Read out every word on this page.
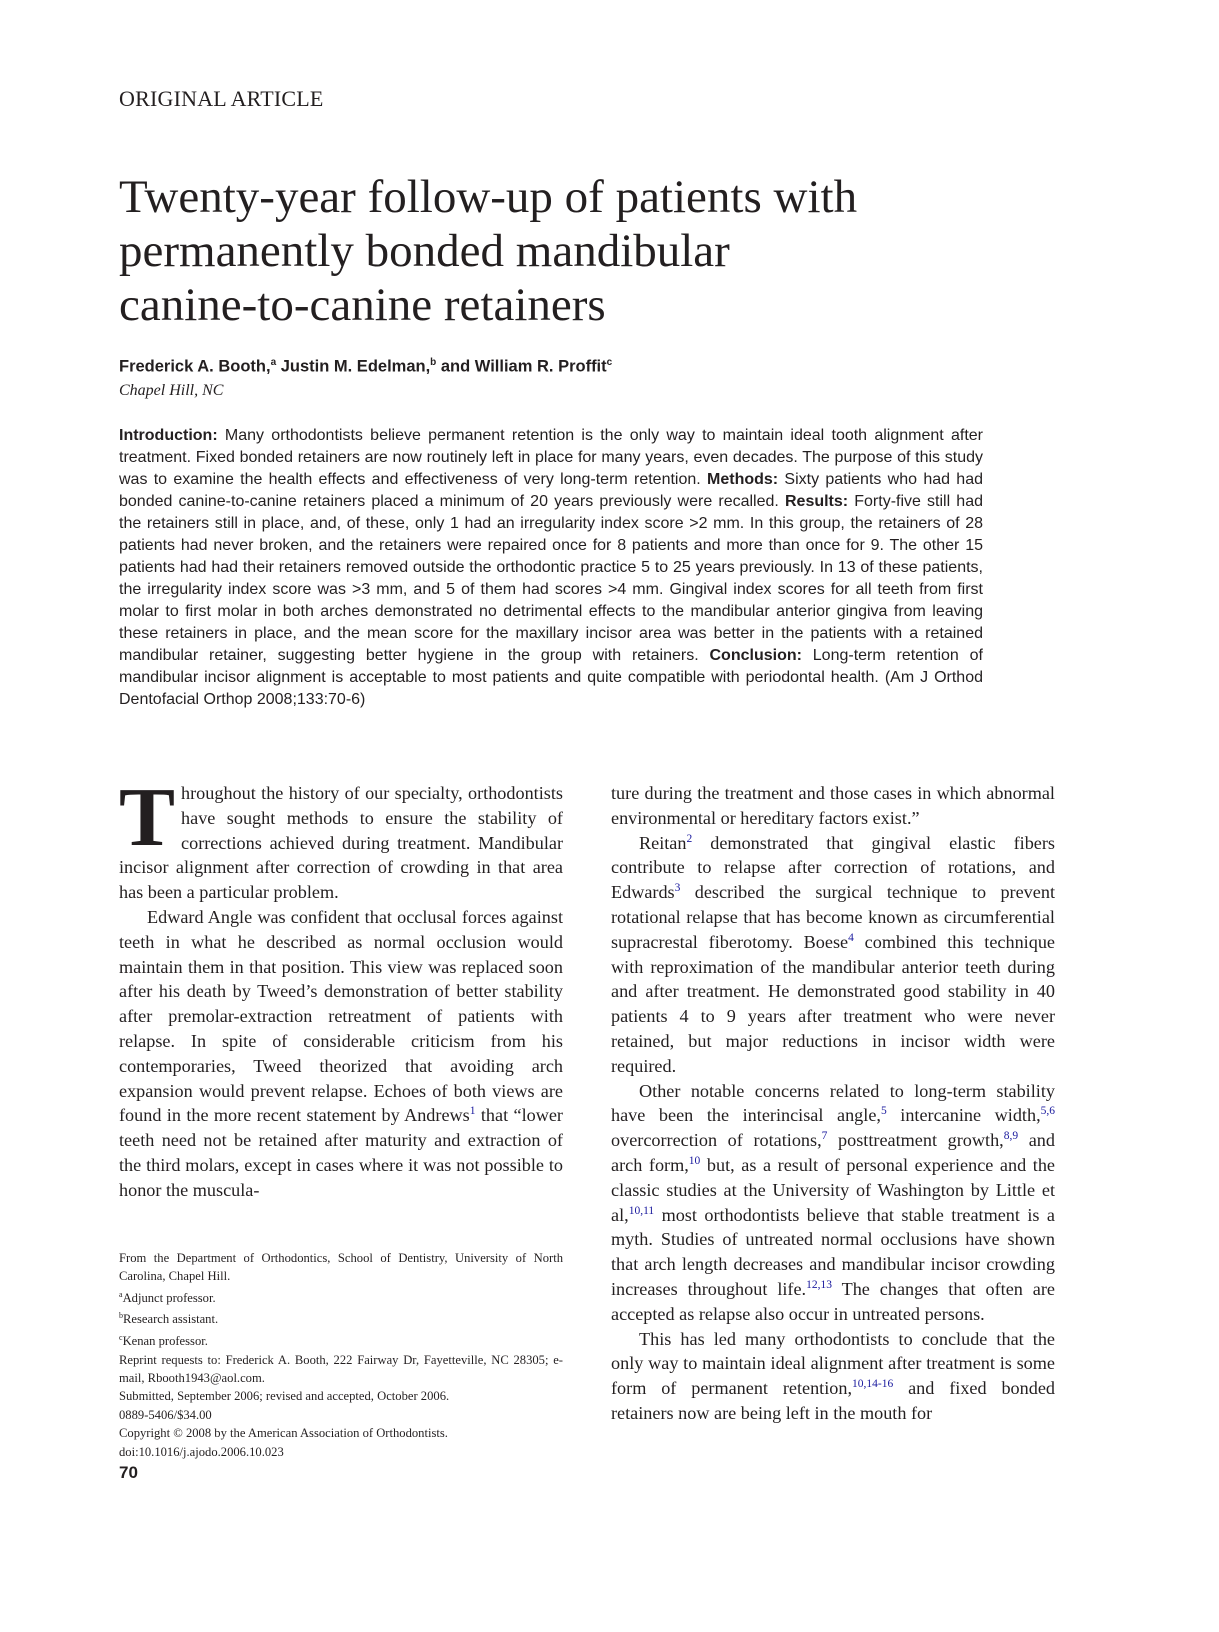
ORIGINAL ARTICLE
Twenty-year follow-up of patients with
permanently bonded mandibular
canine-to-canine retainers
Frederick A. Booth,$^a$ Justin M. Edelman,$^b$ and William R. Proffit$^c$
Chapel Hill, NC

Introduction: Many orthodontists believe permanent retention is the only way to maintain ideal tooth alignment after treatment. Fixed bonded retainers are now routinely left in place for many years, even decades. The purpose of this study was to examine the health effects and effectiveness of very long-term retention. Methods: Sixty patients who had had bonded canine-to-canine retainers placed a minimum of 20 years previously were recalled. Results: Forty-five still had the retainers still in place, and, of these, only 1 had an irregularity index score >2 mm. In this group, the retainers of 28 patients had never broken, and the retainers were repaired once for 8 patients and more than once for 9. The other 15 patients had had their retainers removed outside the orthodontic practice 5 to 25 years previously. In 13 of these patients, the irregularity index score was >3 mm, and 5 of them had scores >4 mm. Gingival index scores for all teeth from first molar to first molar in both arches demonstrated no detrimental effects to the mandibular anterior gingiva from leaving these retainers in place, and the mean score for the maxillary incisor area was better in the patients with a retained mandibular retainer, suggesting better hygiene in the group with retainers. Conclusion: Long-term retention of mandibular incisor alignment is acceptable to most patients and quite compatible with periodontal health. (Am J Orthod Dentofacial Orthop 2008;133:70-6)

Throughout the history of our specialty, orthodontists have sought methods to ensure the stability of corrections achieved during treatment. Mandibular incisor alignment after correction of crowding in that area has been a particular problem.

Edward Angle was confident that occlusal forces against teeth in what he described as normal occlusion would maintain them in that position. This view was replaced soon after his death by Tweed’s demonstration of better stability after premolar-extraction retreatment of patients with relapse. In spite of considerable criticism from his contemporaries, Tweed theorized that avoiding arch expansion would prevent relapse. Echoes of both views are found in the more recent statement by Andrews$^1$ that “lower teeth need not be retained after maturity and extraction of the third molars, except in cases where it was not possible to honor the muscula-

ture during the treatment and those cases in which abnormal environmental or hereditary factors exist.”

Reitan$^2$ demonstrated that gingival elastic fibers contribute to relapse after correction of rotations, and Edwards$^3$ described the surgical technique to prevent rotational relapse that has become known as circumferential supracrestal fiberotomy. Boese$^4$ combined this technique with reproximation of the mandibular anterior teeth during and after treatment. He demonstrated good stability in 40 patients 4 to 9 years after treatment who were never retained, but major reductions in incisor width were required.

Other notable concerns related to long-term stability have been the interincisal angle,$^5$ intercanine width,$^{5,6}$ overcorrection of rotations,$^7$ posttreatment growth,$^{8,9}$ and arch form,$^{10}$ but, as a result of personal experience and the classic studies at the University of Washington by Little et al,$^{10,11}$ most orthodontists believe that stable treatment is a myth. Studies of untreated normal occlusions have shown that arch length decreases and mandibular incisor crowding increases throughout life.$^{12,13}$ The changes that often are accepted as relapse also occur in untreated persons.

This has led many orthodontists to conclude that the only way to maintain ideal alignment after treatment is some form of permanent retention,$^{10,14-16}$ and fixed bonded retainers now are being left in the mouth for

From the Department of Orthodontics, School of Dentistry, University of North Carolina, Chapel Hill.
$^a$Adjunct professor.
$^b$Research assistant.
$^c$Kenan professor.
Reprint requests to: Frederick A. Booth, 222 Fairway Dr, Fayetteville, NC 28305; e-mail, Rbooth1943@aol.com.
Submitted, September 2006; revised and accepted, October 2006.
0889-5406/$34.00
Copyright © 2008 by the American Association of Orthodontists.
doi:10.1016/j.ajodo.2006.10.023
70
